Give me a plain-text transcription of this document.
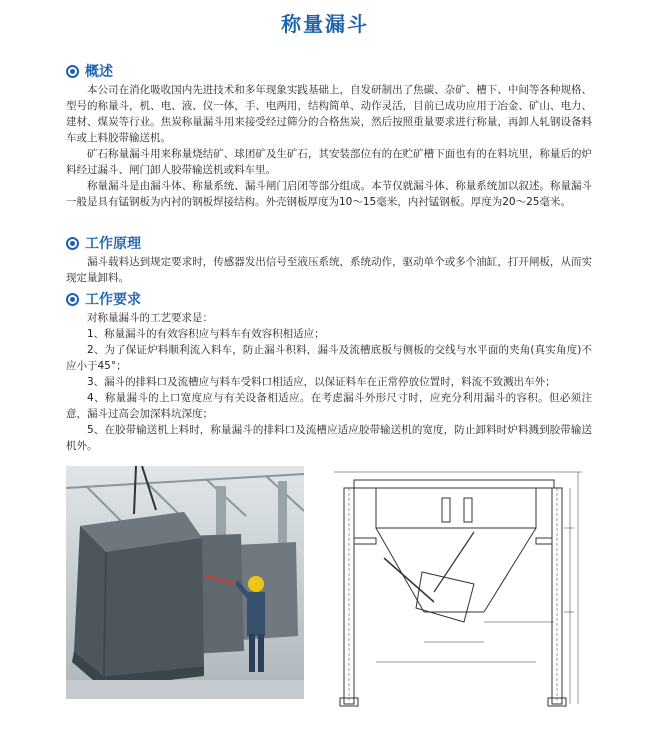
称量漏斗
概述

本公司在消化吸收国内先进技术和多年现象实践基础上，自发研制出了焦碳、杂矿、槽下、中间等各种规格、型号的称量斗，机、电、液、仪一体，手、电两用，结构简单、动作灵活，目前已成功应用于冶金、矿山、电力、建材、煤炭等行业。焦炭称量漏斗用来接受经过筛分的合格焦炭，然后按照重量要求进行称量，再卸人轧钢设备料车或上料胶带输送机。

矿石称量漏斗用来称量烧结矿、球团矿及生矿石，其安装部位有的在贮矿槽下面也有的在料坑里，称量后的炉料经过漏斗、闸门卸人胶带输送机或料车里。

称量漏斗是由漏斗体、称量系统、漏斗闸门启闭等部分组成。本节仅就漏斗体、称量系统加以叙述。称量漏斗一般是具有锰钢板为内衬的钢板焊接结构。外壳钢板厚度为10～15毫米，内衬锰钢板。厚度为20～25毫米。

工作原理

漏斗载料达到规定要求时，传感器发出信号至液压系统，系统动作，驱动单个或多个油缸，打开闸板，从而实现定量卸料。

工作要求

对称量漏斗的工艺要求是：

1、称量漏斗的有效容积应与料车有效容积相适应；

2、为了保证炉料顺利流入料车，防止漏斗积料，漏斗及流槽底板与侧板的交线与水平面的夹角(真实角度)不应小于45°；

3、漏斗的排料口及流槽应与料车受料口相适应，以保证料车在正常停放位置时，料流不致溅出车外；

4、称量漏斗的上口宽度应与有关设备相适应。在考虑漏斗外形尺寸时，应充分利用漏斗的容积。但必须注意，漏斗过高会加深料坑深度；

5、在胶带输送机上料时，称量漏斗的排料口及流槽应适应胶带输送机的宽度，防止卸料时炉料溅到胶带输送机外。
